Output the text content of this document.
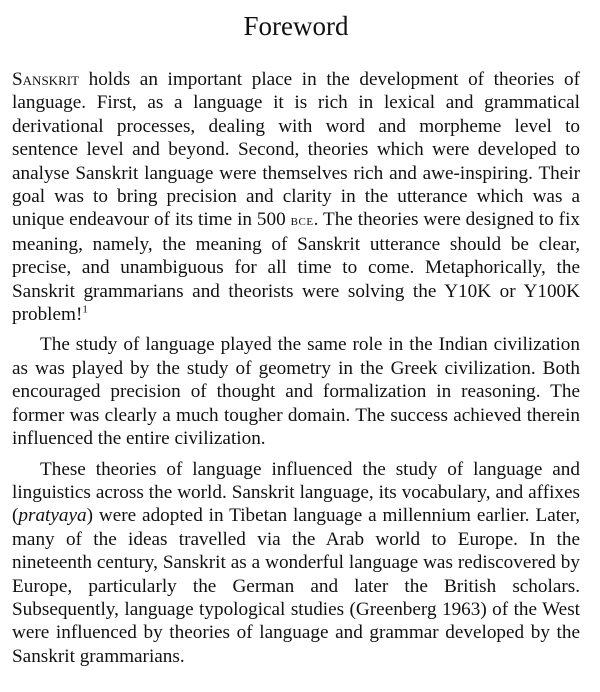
Foreword

Sanskrit holds an important place in the development of theories of language. First, as a language it is rich in lexical and grammatical derivational processes, dealing with word and morpheme level to sentence level and beyond. Second, theories which were developed to analyse Sanskrit language were themselves rich and awe-inspiring. Their goal was to bring precision and clarity in the utterance which was a unique endeavour of its time in 500 bce. The theories were designed to fix meaning, namely, the meaning of Sanskrit utterance should be clear, precise, and unambiguous for all time to come. Metaphorically, the Sanskrit grammarians and theorists were solving the Y10K or Y100K problem!$^1$

The study of language played the same role in the Indian civilization as was played by the study of geometry in the Greek civilization. Both encouraged precision of thought and formalization in reasoning. The former was clearly a much tougher domain. The success achieved therein influenced the entire civilization.

These theories of language influenced the study of language and linguistics across the world. Sanskrit language, its vocabulary, and affixes (pratyaya) were adopted in Tibetan language a millennium earlier. Later, many of the ideas travelled via the Arab world to Europe. In the nineteenth century, Sanskrit as a wonderful language was rediscovered by Europe, particularly the German and later the British scholars. Subsequently, language typological studies (Greenberg 1963) of the West were influenced by theories of language and grammar developed by the Sanskrit grammarians.
